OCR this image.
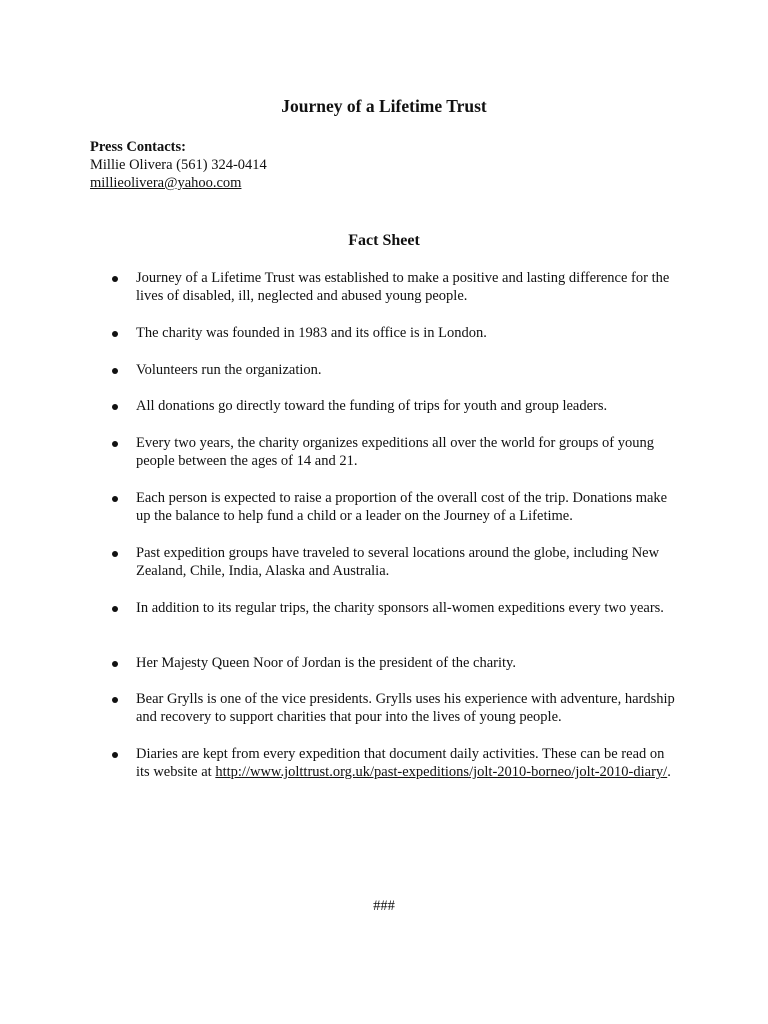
Journey of a Lifetime Trust
Press Contacts:
Millie Olivera (561) 324-0414
millieolivera@yahoo.com
Fact Sheet
Journey of a Lifetime Trust was established to make a positive and lasting difference for the lives of disabled, ill, neglected and abused young people.
The charity was founded in 1983 and its office is in London.
Volunteers run the organization.
All donations go directly toward the funding of trips for youth and group leaders.
Every two years, the charity organizes expeditions all over the world for groups of young people between the ages of 14 and 21.
Each person is expected to raise a proportion of the overall cost of the trip. Donations make up the balance to help fund a child or a leader on the Journey of a Lifetime.
Past expedition groups have traveled to several locations around the globe, including New Zealand, Chile, India, Alaska and Australia.
In addition to its regular trips, the charity sponsors all-women expeditions every two years.
Her Majesty Queen Noor of Jordan is the president of the charity.
Bear Grylls is one of the vice presidents. Grylls uses his experience with adventure, hardship and recovery to support charities that pour into the lives of young people.
Diaries are kept from every expedition that document daily activities. These can be read on its website at http://www.jolttrust.org.uk/past-expeditions/jolt-2010-borneo/jolt-2010-diary/.
###
